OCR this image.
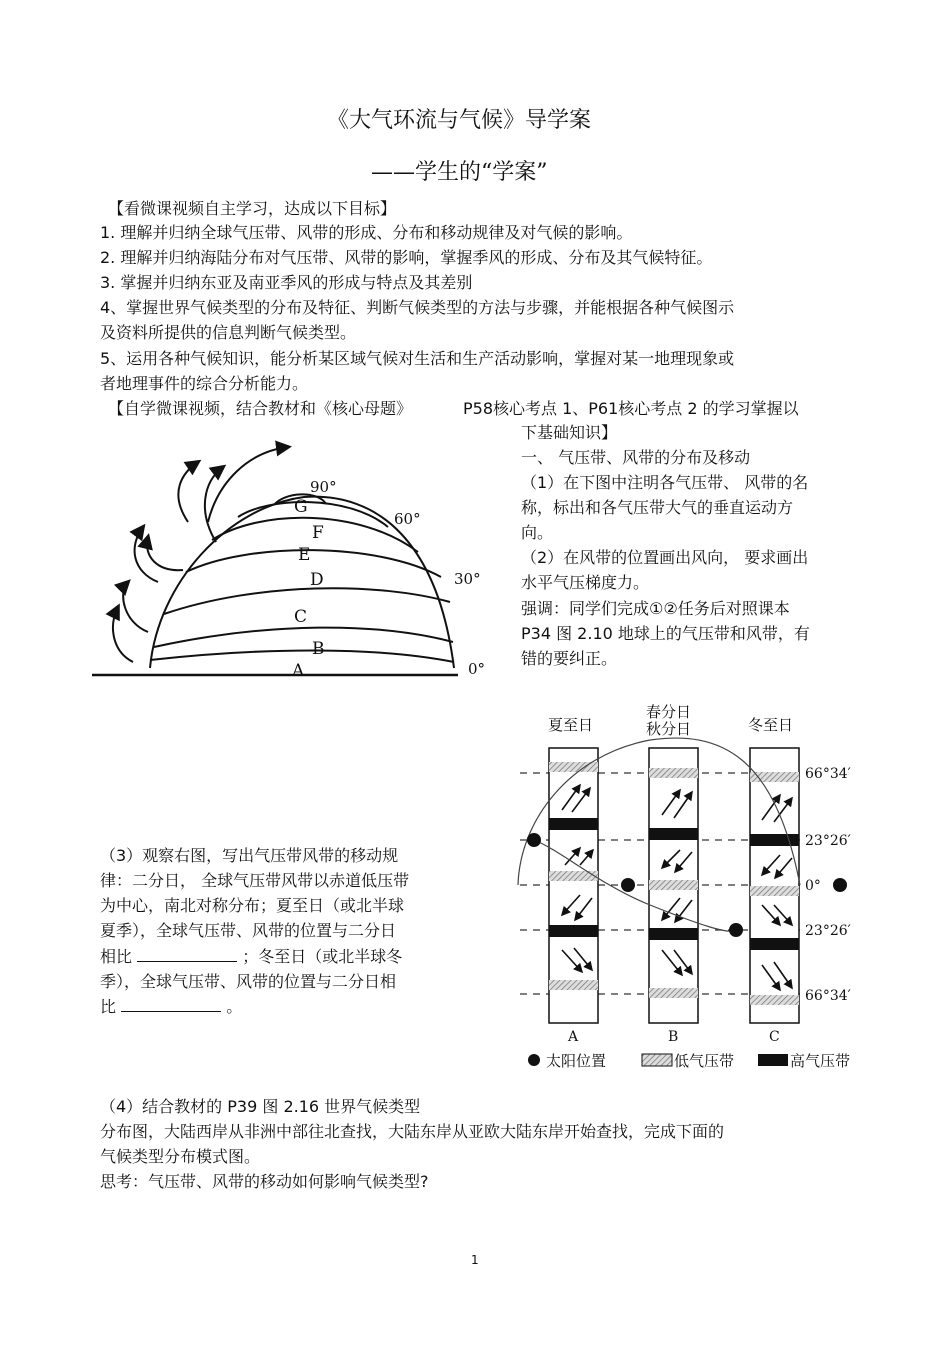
《大气环流与气候》导学案
——学生的“学案”
【看微课视频自主学习，达成以下目标】
1. 理解并归纳全球气压带、风带的形成、分布和移动规律及对气候的影响。
2. 理解并归纳海陆分布对气压带、风带的影响，掌握季风的形成、分布及其气候特征。
3. 掌握并归纳东亚及南亚季风的形成与特点及其差别
4、掌握世界气候类型的分布及特征、判断气候类型的方法与步骤，并能根据各种气候图示
及资料所提供的信息判断气候类型。
5、运用各种气候知识，能分析某区域气候对生活和生产活动影响，掌握对某一地理现象或
者地理事件的综合分析能力。
【自学微课视频，结合教材和《核心母题》	P58核心考点 1、P61核心考点 2 的学习掌握以
下基础知识】
一、 气压带、风带的分布及移动
（1）在下图中注明各气压带、 风带的名
称，标出和各气压带大气的垂直运动方
向。
（2）在风带的位置画出风向， 要求画出
水平气压梯度力。
强调：同学们完成①②任务后对照课本
P34 图 2.10 地球上的气压带和风带，有
错的要纠正。
G
F
E
D
C
B
A
90°
60°
30°
0°
（3）观察右图，写出气压带风带的移动规
律：二分日， 全球气压带风带以赤道低压带
为中心，南北对称分布；夏至日（或北半球
夏季），全球气压带、风带的位置与二分日
相比	；冬至日（或北半球冬
季），全球气压带、风带的位置与二分日相
比	。
夏至日
春分日
秋分日	冬至日
66°34′
23°26′
0°
23°26′
66°34′
A	B	C
太阳位置	低气压带	高气压带
（4）结合教材的 P39 图 2.16 世界气候类型
分布图，大陆西岸从非洲中部往北查找，大陆东岸从亚欧大陆东岸开始查找，完成下面的
气候类型分布模式图。
思考：气压带、风带的移动如何影响气候类型?
1
